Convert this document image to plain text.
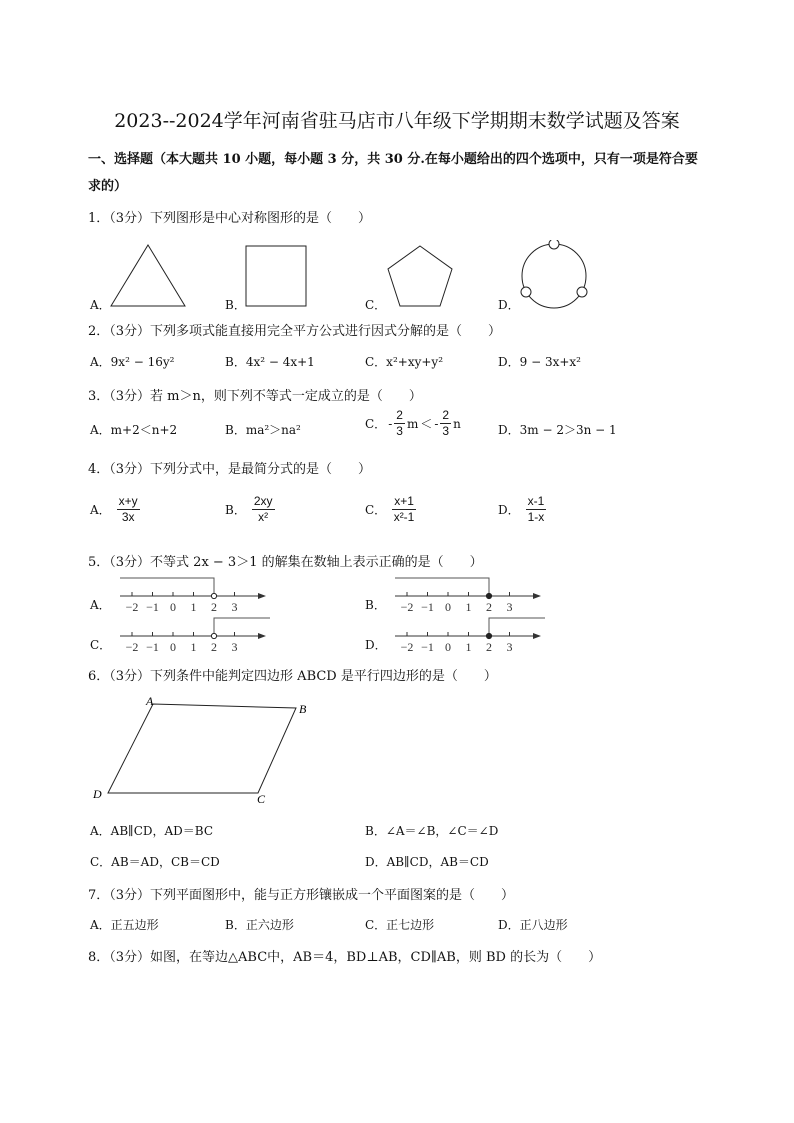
2023--2024学年河南省驻马店市八年级下学期期末数学试题及答案
一、选择题（本大题共 10 小题，每小题 3 分，共 30 分.在每小题给出的四个选项中，只有一项是符合要
求的）
1．（3分）下列图形是中心对称图形的是（　　）
A．	B．	C．	D．
2．（3分）下列多项式能直接用完全平方公式进行因式分解的是（　　）
A．9x² − 16y²	B．4x² − 4x+1	C．x²+xy+y²	D．9 − 3x+x²
3．（3分）若 m＞n，则下列不等式一定成立的是（　　）
A．m+2＜n+2	B．ma²＞na²	C． - $\frac{2}{3}$ m ＜ - $\frac{2}{3}$ n	D．3m − 2＞3n − 1
4．（3分）下列分式中，是最简分式的是（　　）
A． $\frac{x+y}{3x}$	B． $\frac{2xy}{\text{x²}}$	C． $\frac{x+1}{\text{x²-1}}$	D． $\frac{x-1}{1-x}$
5．（3分）不等式 2x − 3＞1 的解集在数轴上表示正确的是（　　）
A． −2 −1 0 1 2 3	B． −2 −1 0 1 2 3
C． −2 −1 0 1 2 3	D． −2 −1 0 1 2 3
6．（3分）下列条件中能判定四边形 ABCD 是平行四边形的是（　　）
A
B
C
D
A．AB∥CD，AD＝BC	B．∠A＝∠B，∠C＝∠D
C．AB＝AD，CB＝CD	D．AB∥CD，AB＝CD
7．（3分）下列平面图形中，能与正方形镶嵌成一个平面图案的是（　　）
A．正五边形	B．正六边形	C．正七边形	D．正八边形
8．（3分）如图，在等边△ABC中，AB＝4，BD⊥AB，CD∥AB，则 BD 的长为（　　）
